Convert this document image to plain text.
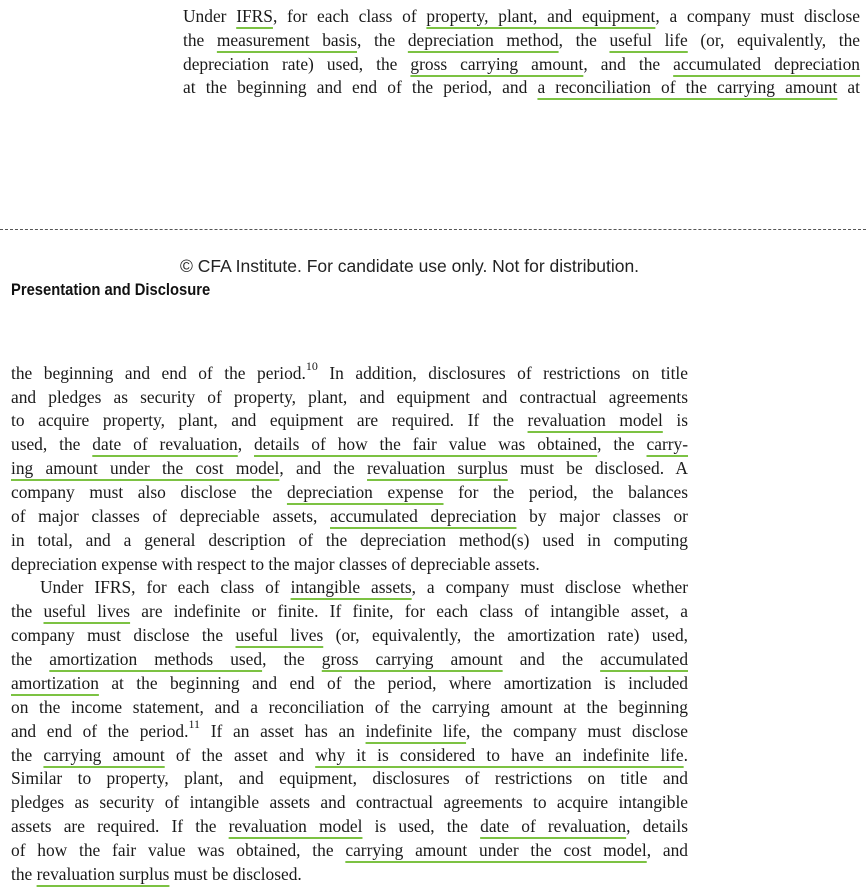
Under IFRS, for each class of property, plant, and equipment, a company must disclose
the measurement basis, the depreciation method, the useful life (or, equivalently, the
depreciation rate) used, the gross carrying amount, and the accumulated depreciation
at the beginning and end of the period, and a reconciliation of the carrying amount at
© CFA Institute. For candidate use only. Not for distribution.
Presentation and Disclosure
the beginning and end of the period.$^{10}$ In addition, disclosures of restrictions on title
and pledges as security of property, plant, and equipment and contractual agreements
to acquire property, plant, and equipment are required. If the revaluation model is
used, the date of revaluation, details of how the fair value was obtained, the carry-
ing amount under the cost model, and the revaluation surplus must be disclosed. A
company must also disclose the depreciation expense for the period, the balances
of major classes of depreciable assets, accumulated depreciation by major classes or
in total, and a general description of the depreciation method(s) used in computing
depreciation expense with respect to the major classes of depreciable assets.
Under IFRS, for each class of intangible assets, a company must disclose whether
the useful lives are indefinite or finite. If finite, for each class of intangible asset, a
company must disclose the useful lives (or, equivalently, the amortization rate) used,
the amortization methods used, the gross carrying amount and the accumulated
amortization at the beginning and end of the period, where amortization is included
on the income statement, and a reconciliation of the carrying amount at the beginning
and end of the period.$^{11}$ If an asset has an indefinite life, the company must disclose
the carrying amount of the asset and why it is considered to have an indefinite life.
Similar to property, plant, and equipment, disclosures of restrictions on title and
pledges as security of intangible assets and contractual agreements to acquire intangible
assets are required. If the revaluation model is used, the date of revaluation, details
of how the fair value was obtained, the carrying amount under the cost model, and
the revaluation surplus must be disclosed.
